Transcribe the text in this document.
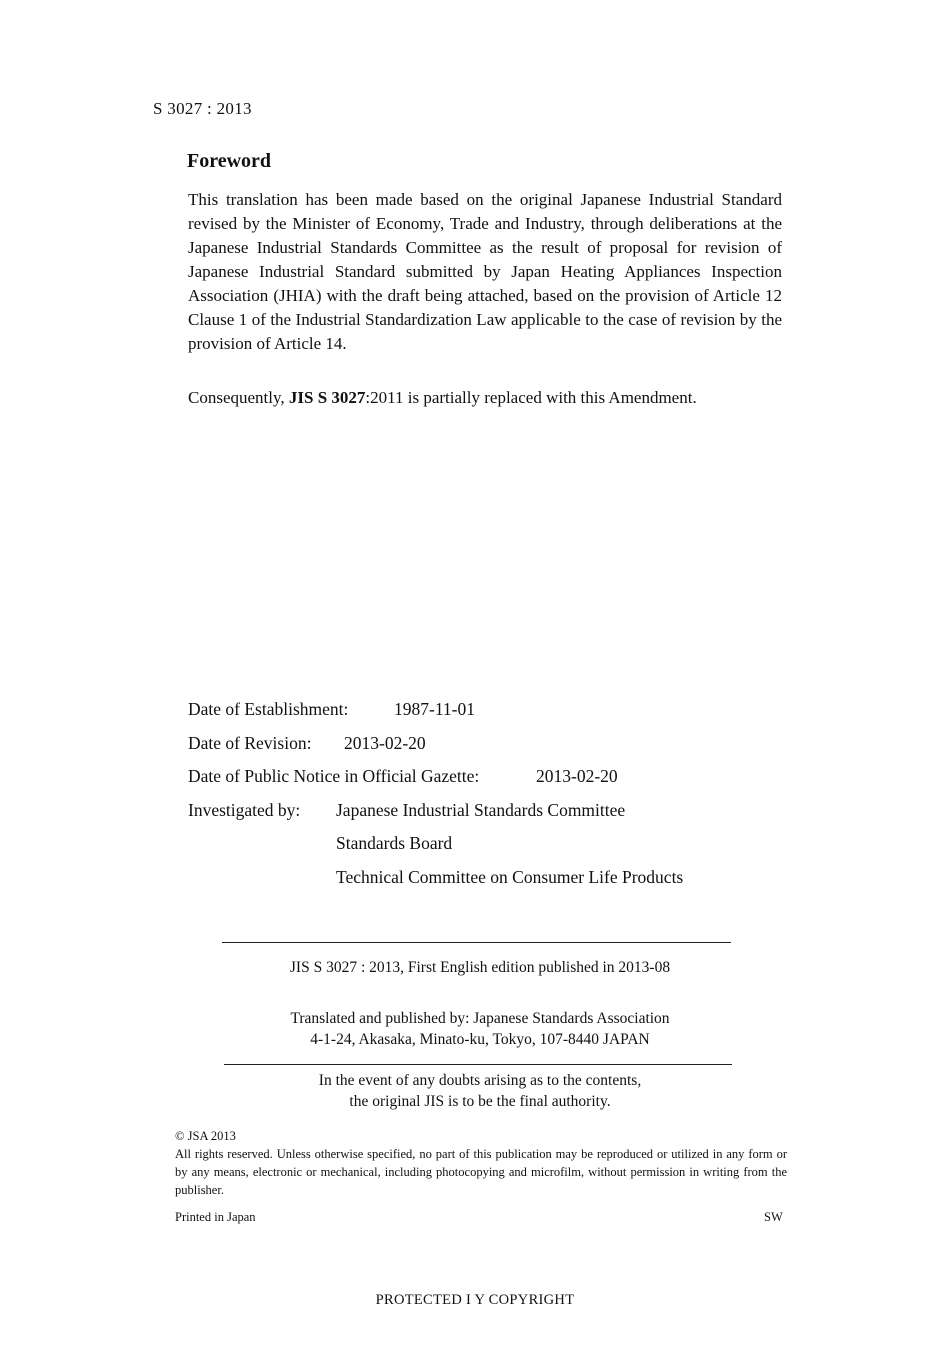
S 3027 : 2013
Foreword
This translation has been made based on the original Japanese Industrial Standard revised by the Minister of Economy, Trade and Industry, through deliberations at the Japanese Industrial Standards Committee as the result of proposal for revision of Japanese Industrial Standard submitted by Japan Heating Appliances Inspection Association (JHIA) with the draft being attached, based on the provision of Article 12 Clause 1 of the Industrial Standardization Law applicable to the case of revision by the provision of Article 14.
Consequently, JIS S 3027:2011 is partially replaced with this Amendment.
Date of Establishment:	1987-11-01
Date of Revision: 2013-02-20
Date of Public Notice in Official Gazette:	2013-02-20
Investigated by: Japanese Industrial Standards Committee
Standards Board
Technical Committee on Consumer Life Products
JIS S 3027 : 2013, First English edition published in 2013-08
Translated and published by: Japanese Standards Association
4-1-24, Akasaka, Minato-ku, Tokyo, 107-8440 JAPAN
In the event of any doubts arising as to the contents,
the original JIS is to be the final authority.
© JSA 2013
All rights reserved. Unless otherwise specified, no part of this publication may be reproduced or utilized in any form or by any means, electronic or mechanical, including photocopying and microfilm, without permission in writing from the publisher.
Printed in Japan	SW
PROTECTED I Y COPYRIGHT
